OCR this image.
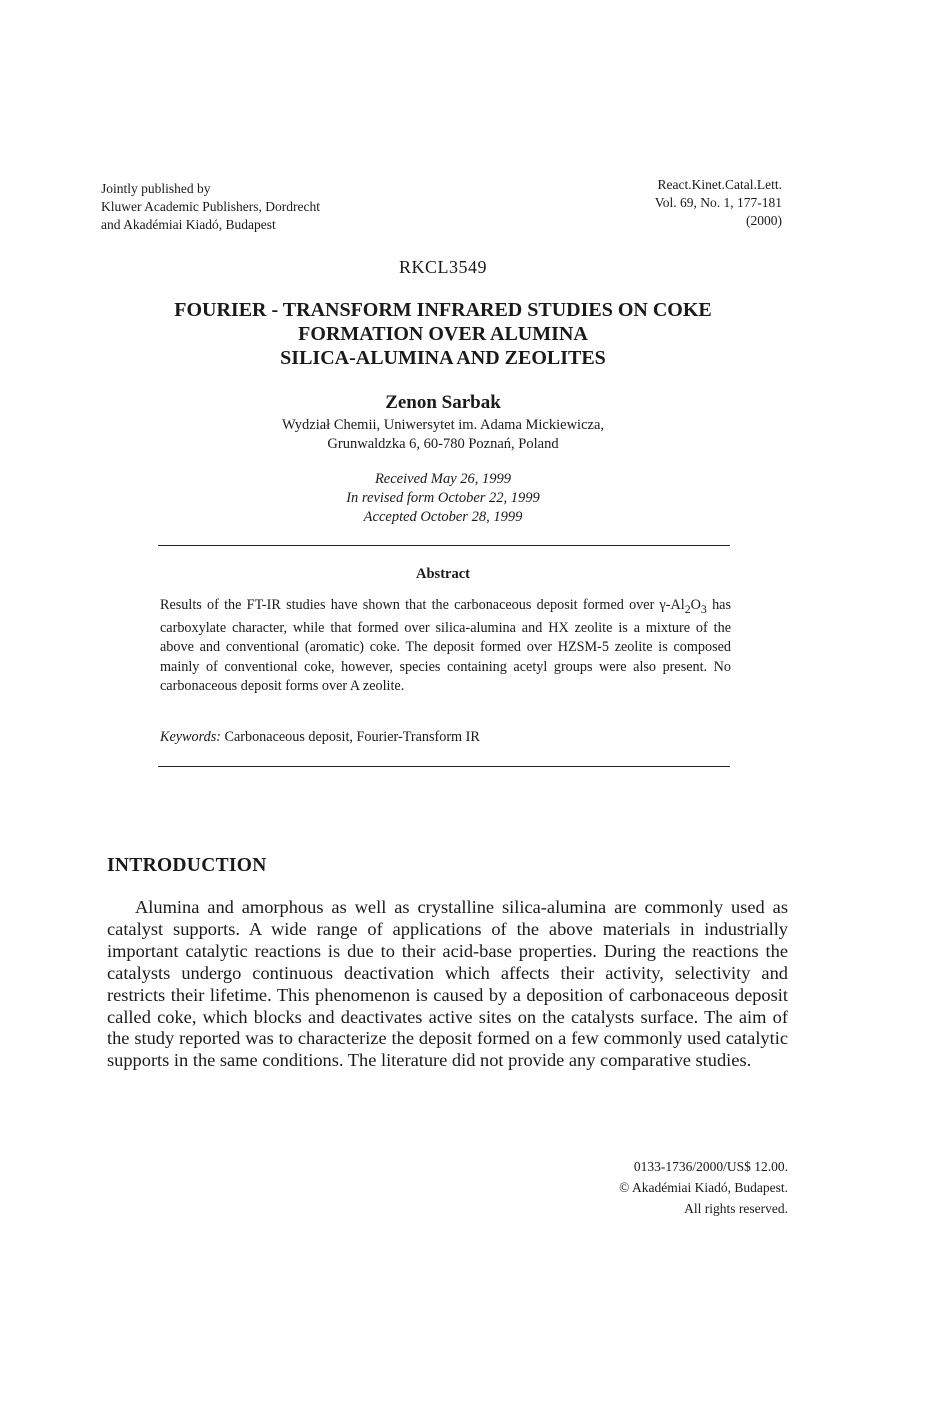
Jointly published by
Kluwer Academic Publishers, Dordrecht
and Akadémiai Kiadó, Budapest
React.Kinet.Catal.Lett.
Vol. 69, No. 1, 177-181
(2000)
RKCL3549
FOURIER - TRANSFORM INFRARED STUDIES ON COKE
FORMATION OVER ALUMINA
SILICA-ALUMINA AND ZEOLITES
Zenon Sarbak
Wydział Chemii, Uniwersytet im. Adama Mickiewicza,
Grunwaldzka 6, 60-780 Poznań, Poland
Received May 26, 1999
In revised form October 22, 1999
Accepted October 28, 1999
Abstract
Results of the FT-IR studies have shown that the carbonaceous deposit formed over $\gamma-Al_2O_3$ has carboxylate character, while that formed over silica-alumina and HX zeolite is a mixture of the above and conventional (aromatic) coke. The deposit formed over HZSM-5 zeolite is composed mainly of conventional coke, however, species containing acetyl groups were also present. No carbonaceous deposit forms over A zeolite.
Keywords: Carbonaceous deposit, Fourier-Transform IR
INTRODUCTION
Alumina and amorphous as well as crystalline silica-alumina are commonly used as catalyst supports. A wide range of applications of the above materials in industrially important catalytic reactions is due to their acid-base properties. During the reactions the catalysts undergo continuous deactivation which affects their activity, selectivity and restricts their lifetime. This phenomenon is caused by a deposition of carbonaceous deposit called coke, which blocks and deactivates active sites on the catalysts surface. The aim of the study reported was to characterize the deposit formed on a few commonly used catalytic supports in the same conditions. The literature did not provide any comparative studies.
0133-1736/2000/US$ 12.00.
© Akadémiai Kiadó, Budapest.
All rights reserved.
